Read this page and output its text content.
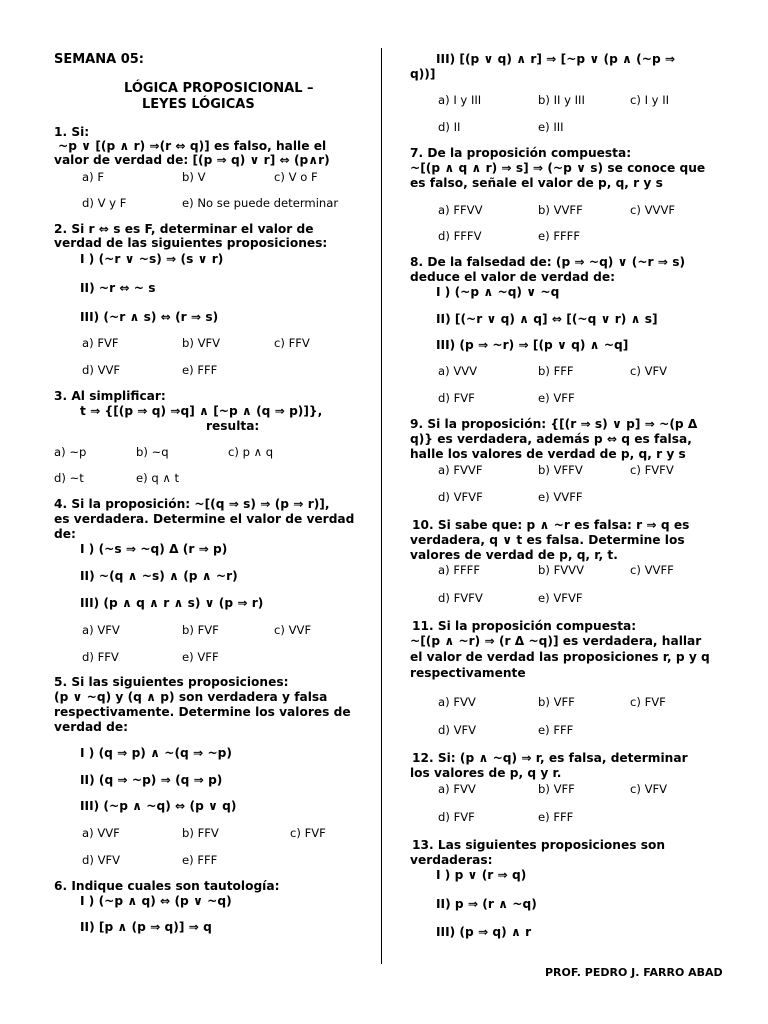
SEMANA 05:
LÓGICA PROPOSICIONAL –
LEYES LÓGICAS
1. Si:
~p ∨ [(p ∧ r) ⇒(r ⇔ q)] es falso, halle el
valor de verdad de: [(p ⇒ q) ∨ r] ⇔ (p∧r)
a) F	b) V	c) V o F
d) V y F	e) No se puede determinar
2. Si r ⇔ s es F, determinar el valor de
verdad de las siguientes proposiciones:
I ) (~r ∨ ~s) ⇒ (s ∨ r)
II) ~r ⇔ ~ s
III) (~r ∧ s) ⇔ (r ⇒ s)
a) FVF	b) VFV	c) FFV
d) VVF	e) FFF
3. Al simplificar:
t ⇒ {[(p ⇒ q) ⇒q] ∧ [~p ∧ (q ⇒ p)]},
resulta:
a) ~p	b) ~q	c) p ∧ q
d) ~t	e) q ∧ t
4. Si la proposición: ~[(q ⇒ s) ⇒ (p ⇒ r)],
es verdadera. Determine el valor de verdad
de:
I ) (~s ⇒ ~q) Δ (r ⇒ p)
II) ~(q ∧ ~s) ∧ (p ∧ ~r)
III) (p ∧ q ∧ r ∧ s) ∨ (p ⇒ r)
a) VFV	b) FVF	c) VVF
d) FFV	e) VFF
5. Si las siguientes proposiciones:
(p ∨ ~q) y (q ∧ p) son verdadera y falsa
respectivamente. Determine los valores de
verdad de:
I ) (q ⇒ p) ∧ ~(q ⇒ ~p)
II) (q ⇒ ~p) ⇒ (q ⇒ p)
III) (~p ∧ ~q) ⇔ (p ∨ q)
a) VVF	b) FFV	c) FVF
d) VFV	e) FFF
6. Indique cuales son tautología:
I ) (~p ∧ q) ⇔ (p ∨ ~q)
II) [p ∧ (p ⇒ q)] ⇒ q
III) [(p ∨ q) ∧ r] ⇒ [~p ∨ (p ∧ (~p ⇒
q))]
a) I y III	b) II y III	c) I y II
d) II	e) III
7. De la proposición compuesta:
~[(p ∧ q ∧ r) ⇒ s] ⇒ (~p ∨ s) se conoce que
es falso, señale el valor de p, q, r y s
a) FFVV	b) VVFF	c) VVVF
d) FFFV	e) FFFF
8. De la falsedad de: (p ⇒ ~q) ∨ (~r ⇒ s)
deduce el valor de verdad de:
I ) (~p ∧ ~q) ∨ ~q
II) [(~r ∨ q) ∧ q] ⇔ [(~q ∨ r) ∧ s]
III) (p ⇒ ~r) ⇒ [(p ∨ q) ∧ ~q]
a) VVV	b) FFF	c) VFV
d) FVF	e) VFF
9. Si la proposición: {[(r ⇒ s) ∨ p] ⇒ ~(p Δ
q)} es verdadera, además p ⇔ q es falsa,
halle los valores de verdad de p, q, r y s
a) FVVF	b) VFFV	c) FVFV
d) VFVF	e) VVFF
10. Si sabe que: p ∧ ~r es falsa: r ⇒ q es
verdadera, q ∨ t es falsa. Determine los
valores de verdad de p, q, r, t.
a) FFFF	b) FVVV	c) VVFF
d) FVFV	e) VFVF
11. Si la proposición compuesta:
~[(p ∧ ~r) ⇒ (r Δ ~q)] es verdadera, hallar
el valor de verdad las proposiciones r, p y q
respectivamente
a) FVV	b) VFF	c) FVF
d) VFV	e) FFF
12. Si: (p ∧ ~q) ⇒ r, es falsa, determinar
los valores de p, q y r.
a) FVV	b) VFF	c) VFV
d) FVF	e) FFF
13. Las siguientes proposiciones son
verdaderas:
I ) p ∨ (r ⇒ q)
II) p ⇒ (r ∧ ~q)
III) (p ⇒ q) ∧ r
PROF. PEDRO J. FARRO ABAD
